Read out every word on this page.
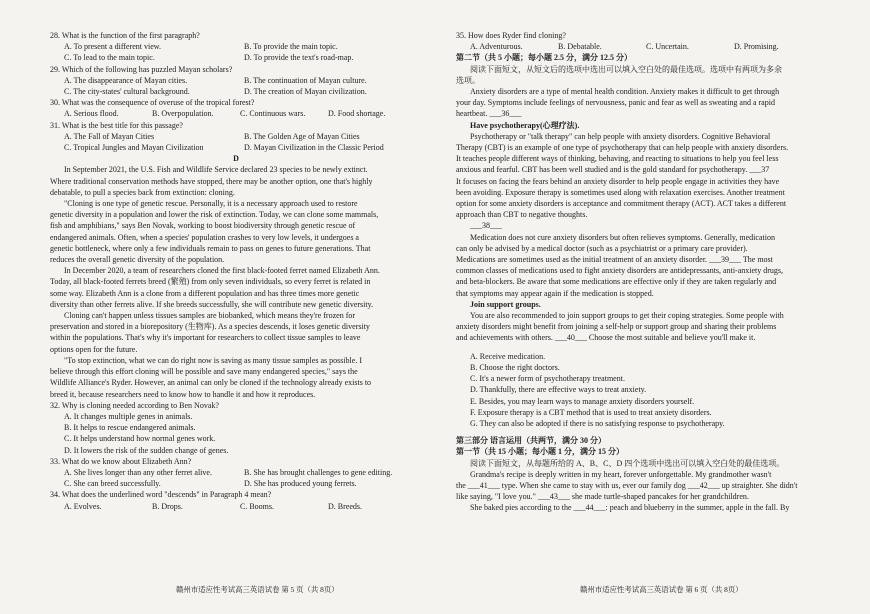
28. What is the function of the first paragraph?
A. To present a different view.	B. To provide the main topic.
C. To lead to the main topic.	D. To provide the text's road-map.
29. Which of the following has puzzled Mayan scholars?
A. The disappearance of Mayan cities.	B. The continuation of Mayan culture.
C. The city-states' cultural background.	D. The creation of Mayan civilization.
30. What was the consequence of overuse of the tropical forest?
A. Serious flood.	B. Overpopulation.	C. Continuous wars.	D. Food shortage.
31. What is the best title for this passage?
A. The Fall of Mayan Cities	B. The Golden Age of Mayan Cities
C. Tropical Jungles and Mayan Civilization	D. Mayan Civilization in the Classic Period
D
In September 2021, the U.S. Fish and Wildlife Service declared 23 species to be newly extinct.
Where traditional conservation methods have stopped, there may be another option, one that's highly
debatable, to pull a species back from extinction: cloning.
"Cloning is one type of genetic rescue. Personally, it is a necessary approach used to restore
genetic diversity in a population and lower the risk of extinction. Today, we can clone some mammals,
fish and amphibians," says Ben Novak, working to boost biodiversity through genetic rescue of
endangered animals. Often, when a species' population crashes to very low levels, it undergoes a
genetic bottleneck, where only a few individuals remain to pass on genes to future generations. That
reduces the overall genetic diversity of the population.
In December 2020, a team of researchers cloned the first black-footed ferret named Elizabeth Ann.
Today, all black-footed ferrets breed (繁殖) from only seven individuals, so every ferret is related in
some way. Elizabeth Ann is a clone from a different population and has three times more genetic
diversity than other ferrets alive. If she breeds successfully, she will contribute new genetic diversity.
Cloning can't happen unless tissues samples are biobanked, which means they're frozen for
preservation and stored in a biorepository (生物库). As a species descends, it loses genetic diversity
within the populations. That's why it's important for researchers to collect tissue samples to leave
options open for the future.
"To stop extinction, what we can do right now is saving as many tissue samples as possible. I
believe through this effort cloning will be possible and save many endangered species," says the
Wildlife Alliance's Ryder. However, an animal can only be cloned if the technology already exists to
breed it, because researchers need to know how to handle it and how it reproduces.
32. Why is cloning needed according to Ben Novak?
A. It changes multiple genes in animals.
B. It helps to rescue endangered animals.
C. It helps understand how normal genes work.
D. It lowers the risk of the sudden change of genes.
33. What do we know about Elizabeth Ann?
A. She lives longer than any other ferret alive.	B. She has brought challenges to gene editing.
C. She can breed successfully.	D. She has produced young ferrets.
34. What does the underlined word "descends" in Paragraph 4 mean?
A. Evolves.	B. Drops.	C. Booms.	D. Breeds.
35. How does Ryder find cloning?
A. Adventurous.	B. Debatable.	C. Uncertain.	D. Promising.
第二节（共 5 小题；每小题 2.5 分，满分 12.5 分）
阅读下面短文，从短文后的选项中选出可以填入空白处的最佳选项。选项中有两项为多余
选项。
Anxiety disorders are a type of mental health condition. Anxiety makes it difficult to get through
your day. Symptoms include feelings of nervousness, panic and fear as well as sweating and a rapid
heartbeat. ___36___
Have psychotherapy(心理疗法).
Psychotherapy or "talk therapy" can help people with anxiety disorders. Cognitive Behavioral
Therapy (CBT) is an example of one type of psychotherapy that can help people with anxiety disorders.
It teaches people different ways of thinking, behaving, and reacting to situations to help you feel less
anxious and fearful. CBT has been well studied and is the gold standard for psychotherapy. ___37
It focuses on facing the fears behind an anxiety disorder to help people engage in activities they have
been avoiding. Exposure therapy is sometimes used along with relaxation exercises. Another treatment
option for some anxiety disorders is acceptance and commitment therapy (ACT). ACT takes a different
approach than CBT to negative thoughts.
___38___
Medication does not cure anxiety disorders but often relieves symptoms. Generally, medication
can only be advised by a medical doctor (such as a psychiatrist or a primary care provider).
Medications are sometimes used as the initial treatment of an anxiety disorder. ___39___ The most
common classes of medications used to fight anxiety disorders are antidepressants, anti-anxiety drugs,
and beta-blockers. Be aware that some medications are effective only if they are taken regularly and
that symptoms may appear again if the medication is stopped.
Join support groups.
You are also recommended to join support groups to get their coping strategies. Some people with
anxiety disorders might benefit from joining a self-help or support group and sharing their problems
and achievements with others. ___40___ Choose the most suitable and believe you'll make it.
A. Receive medication.
B. Choose the right doctors.
C. It's a newer form of psychotherapy treatment.
D. Thankfully, there are effective ways to treat anxiety.
E. Besides, you may learn ways to manage anxiety disorders yourself.
F. Exposure therapy is a CBT method that is used to treat anxiety disorders.
G. They can also be adopted if there is no satisfying response to psychotherapy.
第三部分 语言运用（共两节，满分 30 分）
第一节（共 15 小题；每小题 1 分，满分 15 分）
阅读下面短文，从每题所给的 A、B、C、D 四个选项中选出可以填入空白处的最佳选项。
Grandma's recipe is deeply written in my heart, forever unforgettable. My grandmother wasn't
the ___41___ type. When she came to stay with us, ever our family dog ___42___ up straighter. She didn't
like saying, "I love you." ___43___ she made turtle-shaped pancakes for her grandchildren.
She baked pies according to the ___44___: peach and blueberry in the summer, apple in the fall. By
赣州市适应性考试高三英语试卷 第 5 页（共 8页）	赣州市适应性考试高三英语试卷 第 6 页（共 8页）
